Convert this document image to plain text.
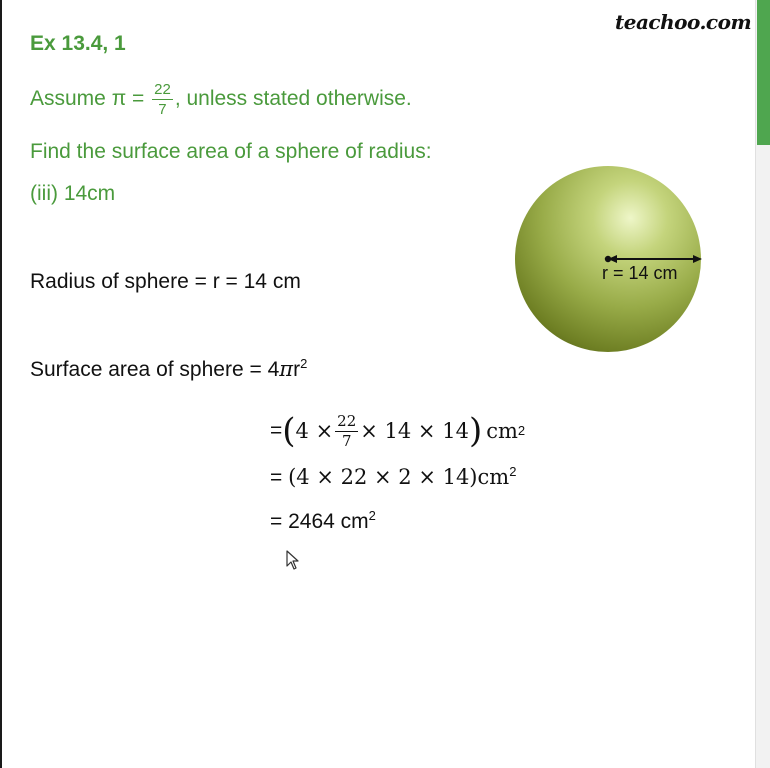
teachoo.com
Ex 13.4, 1
Assume $\pi = \frac{22}{7}$ , unless stated otherwise.
Find the surface area of a sphere of radius:
(iii) 14cm
Radius of sphere = r = 14 cm
Surface area of sphere = $4\pi r^2$
= ( $4 \times \frac{22}{7} \times 14 \times 14$ ) cm 2
= $(4 \times 22 \times 2 \times 14)cm^2$
= 2464 $cm^2$
r = 14 cm
